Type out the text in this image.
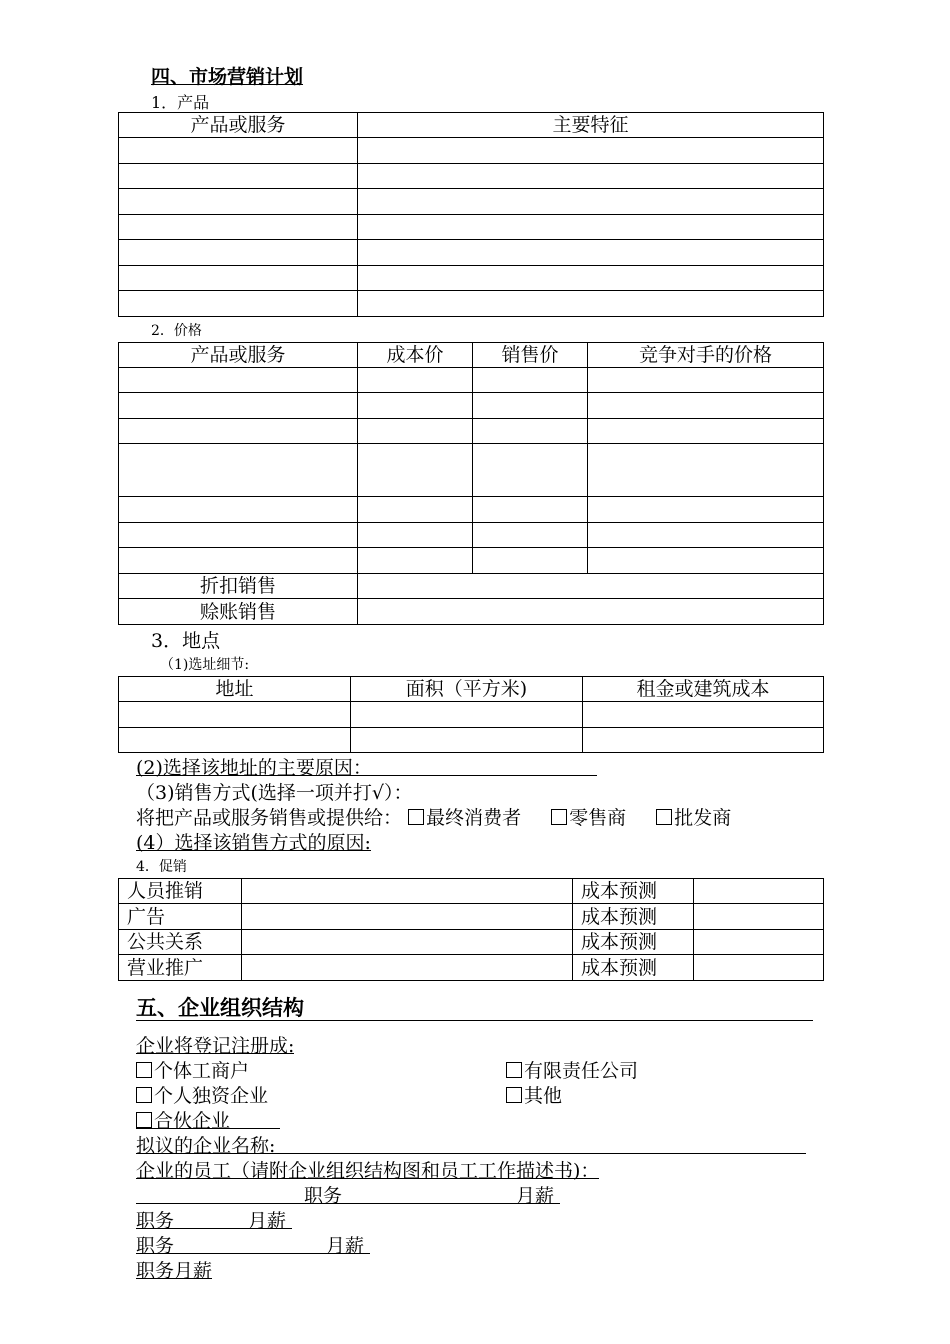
四、市场营销计划
1．产品
产品或服务	主要特征

2．价格
产品或服务	成本价	销售价	竞争对手的价格

折扣销售			
赊账销售			
3．地点
（1)选址细节:
地址	面积（平方米)	租金或建筑成本

(2)选择该地址的主要原因：
（3)销售方式(选择一项并打√）：
将把产品或服务销售或提供给： 最终消费者	零售商	批发商
(4）选择该销售方式的原因:
4．促销
人员推销		成本预测	
广告		成本预测	
公共关系		成本预测	
营业推广		成本预测	
五、企业组织结构
企业将登记注册成:
个体工商户	有限责任公司
个人独资企业	其他
合伙企业
拟议的企业名称:
企业的员工（请附企业组织结构图和员工工作描述书)：
职务	月薪
职务	月薪
职务	月薪
职务月薪
